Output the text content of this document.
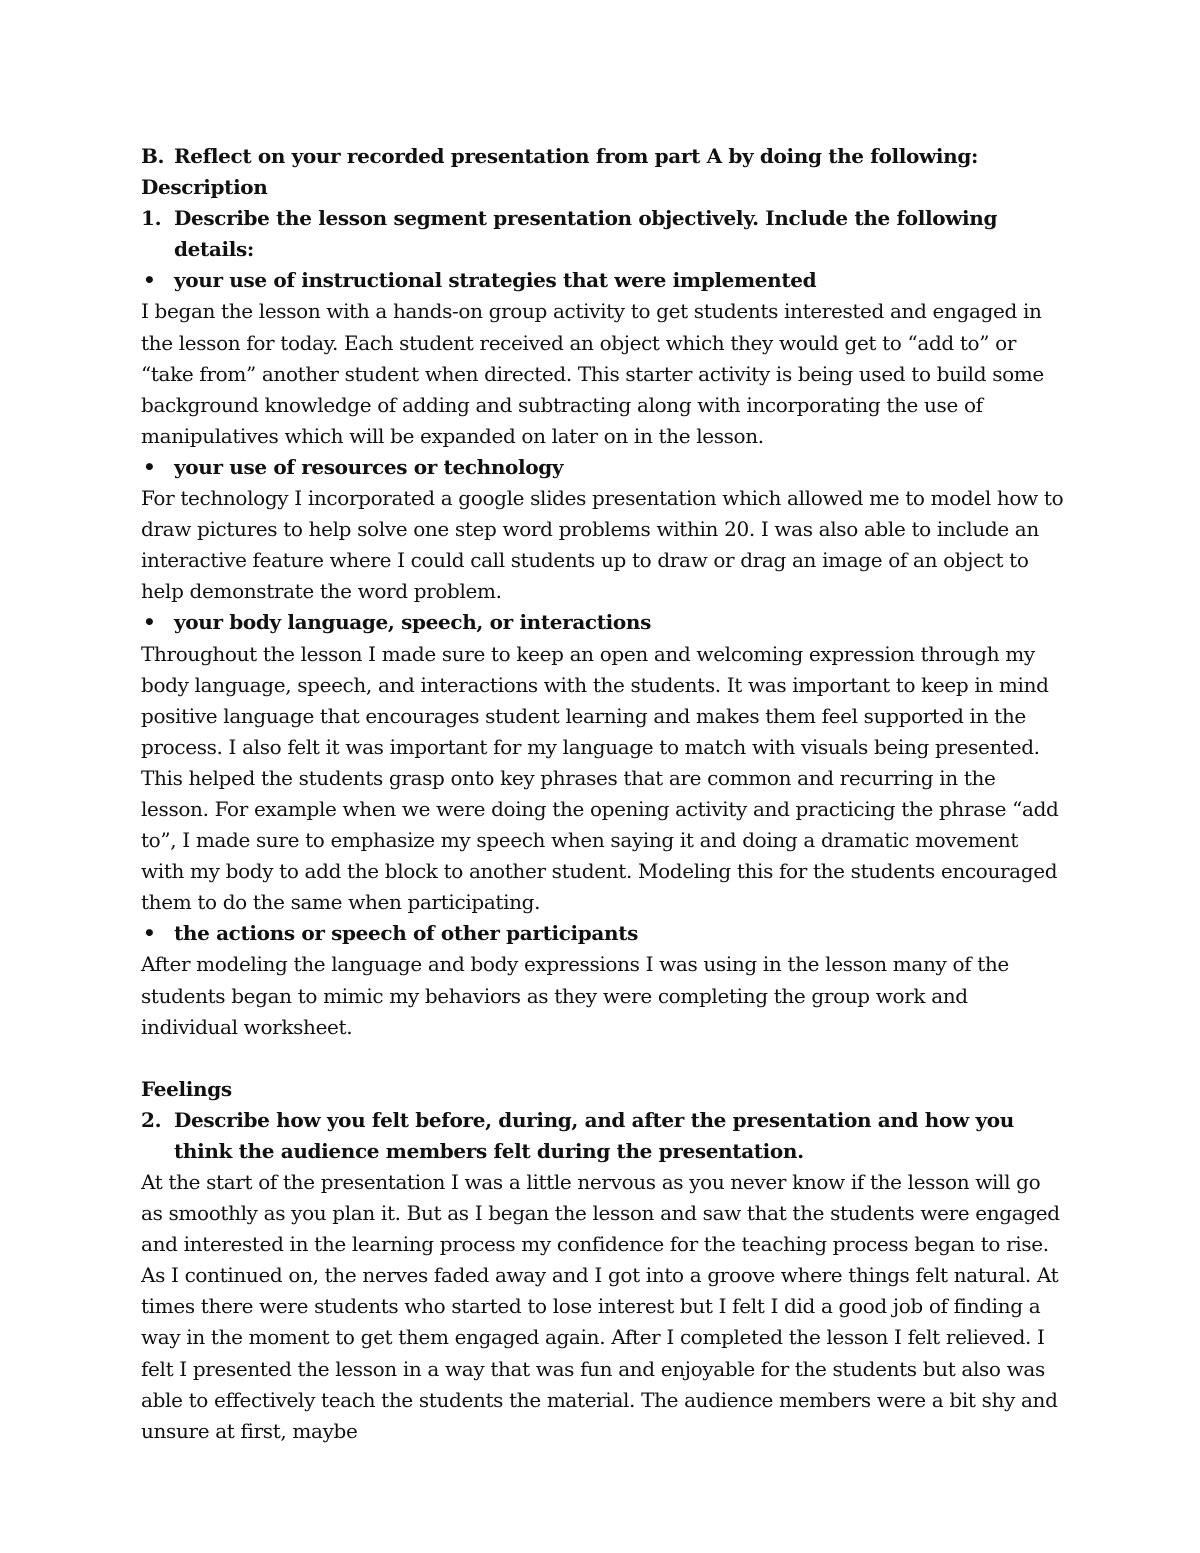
B. Reflect on your recorded presentation from part A by doing the following:
Description
1. Describe the lesson segment presentation objectively. Include the following details:
• your use of instructional strategies that were implemented

I began the lesson with a hands-on group activity to get students interested and engaged in the lesson for today. Each student received an object which they would get to “add to” or “take from” another student when directed. This starter activity is being used to build some background knowledge of adding and subtracting along with incorporating the use of manipulatives which will be expanded on later on in the lesson.

• your use of resources or technology

For technology I incorporated a google slides presentation which allowed me to model how to draw pictures to help solve one step word problems within 20. I was also able to include an interactive feature where I could call students up to draw or drag an image of an object to help demonstrate the word problem.

• your body language, speech, or interactions

Throughout the lesson I made sure to keep an open and welcoming expression through my body language, speech, and interactions with the students. It was important to keep in mind positive language that encourages student learning and makes them feel supported in the process. I also felt it was important for my language to match with visuals being presented. This helped the students grasp onto key phrases that are common and recurring in the lesson. For example when we were doing the opening activity and practicing the phrase “add to”, I made sure to emphasize my speech when saying it and doing a dramatic movement with my body to add the block to another student. Modeling this for the students encouraged them to do the same when participating.

• the actions or speech of other participants

After modeling the language and body expressions I was using in the lesson many of the students began to mimic my behaviors as they were completing the group work and individual worksheet.

Feelings
2. Describe how you felt before, during, and after the presentation and how you think the audience members felt during the presentation.

At the start of the presentation I was a little nervous as you never know if the lesson will go as smoothly as you plan it. But as I began the lesson and saw that the students were engaged and interested in the learning process my confidence for the teaching process began to rise. As I continued on, the nerves faded away and I got into a groove where things felt natural. At times there were students who started to lose interest but I felt I did a good job of finding a way in the moment to get them engaged again. After I completed the lesson I felt relieved. I felt I presented the lesson in a way that was fun and enjoyable for the students but also was able to effectively teach the students the material. The audience members were a bit shy and unsure at first, maybe
